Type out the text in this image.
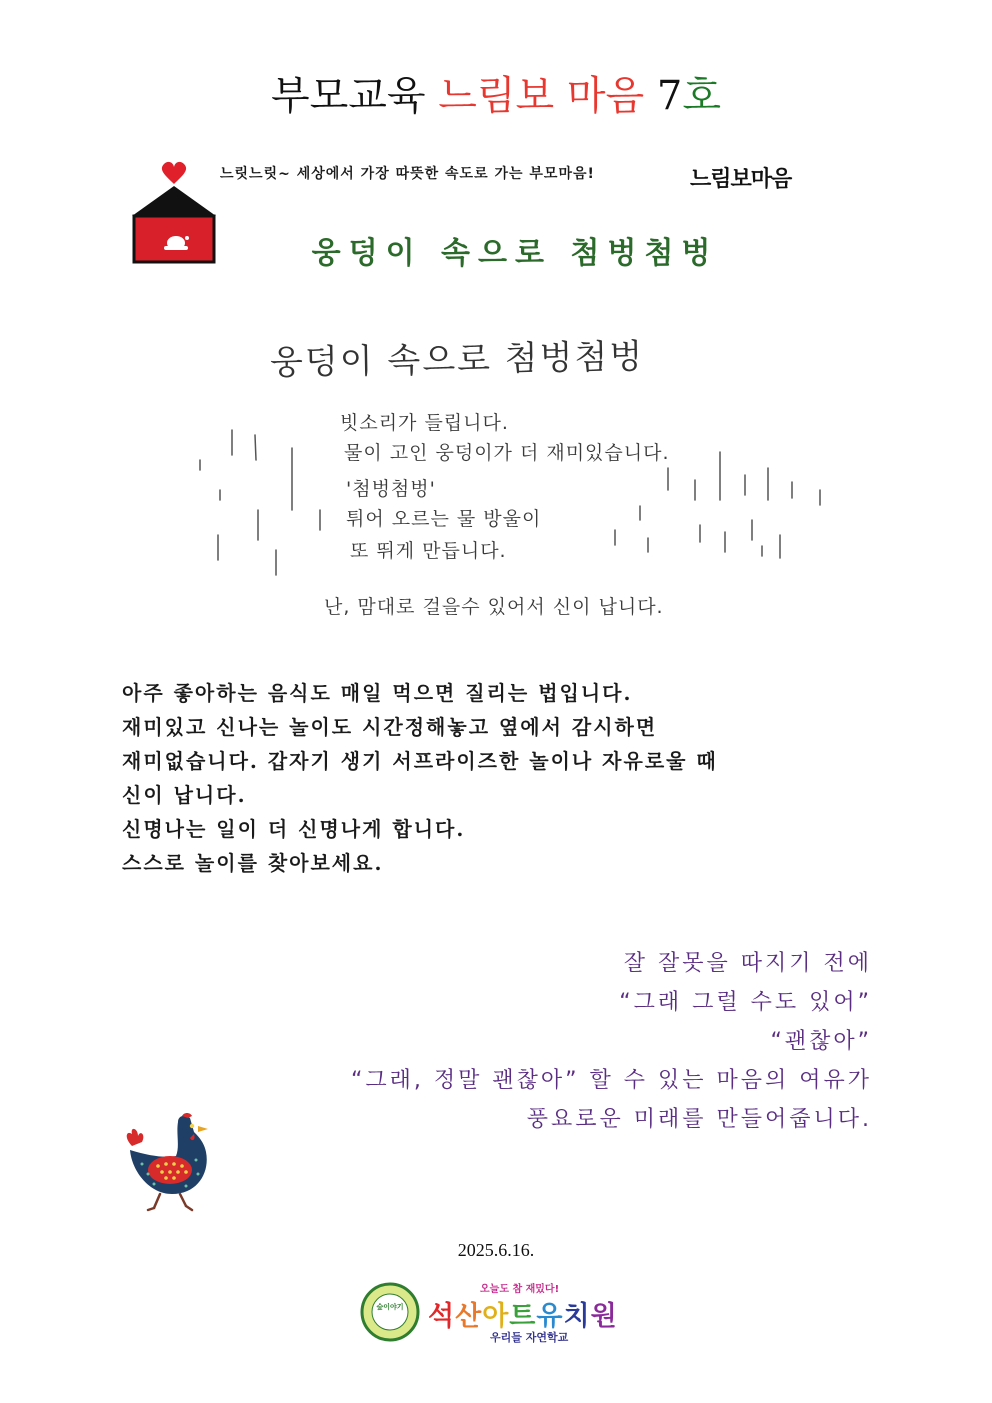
부모교육 느림보 마음 7호
느릿느릿~ 세상에서 가장 따뜻한 속도로 가는 부모마음!	느림보마음
웅덩이 속으로 첨벙첨벙
웅덩이 속으로 첨벙첨벙
빗소리가 들립니다.
물이 고인 웅덩이가 더 재미있습니다.
'첨벙첨벙'
튀어 오르는 물 방울이
또 뛰게 만듭니다.
난, 맘대로 걸을수 있어서 신이 납니다.
아주 좋아하는 음식도 매일 먹으면 질리는 법입니다.
재미있고 신나는 놀이도 시간정해놓고 옆에서 감시하면
재미없습니다. 갑자기 생기 서프라이즈한 놀이나 자유로울 때
신이 납니다.
신명나는 일이 더 신명나게 합니다.
스스로 놀이를 찾아보세요.
잘 잘못을 따지기 전에
“그래 그럴 수도 있어”
“괜찮아”
“그래, 정말 괜찮아” 할 수 있는 마음의 여유가
풍요로운 미래를 만들어줍니다.
2025.6.16.
숲이야기
오늘도 참 재밌다!
석산아트유치원
우리들 자연학교
